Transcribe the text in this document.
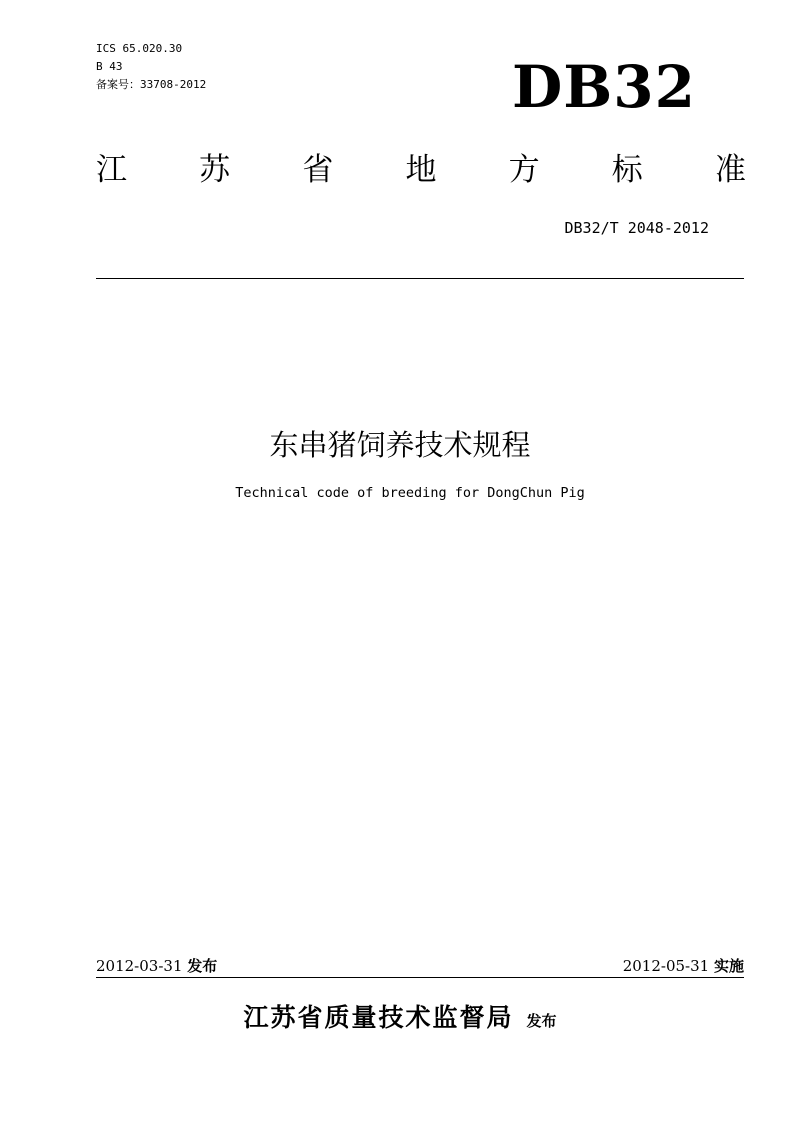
ICS 65.020.30
B 43
备案号：33708-2012	DB32
江 苏 省 地 方 标 准
DB32/T 2048-2012
东串猪饲养技术规程
Technical code of breeding for DongChun Pig
2012-03-31 发布	2012-05-31 实施
江苏省质量技术监督局 发布
